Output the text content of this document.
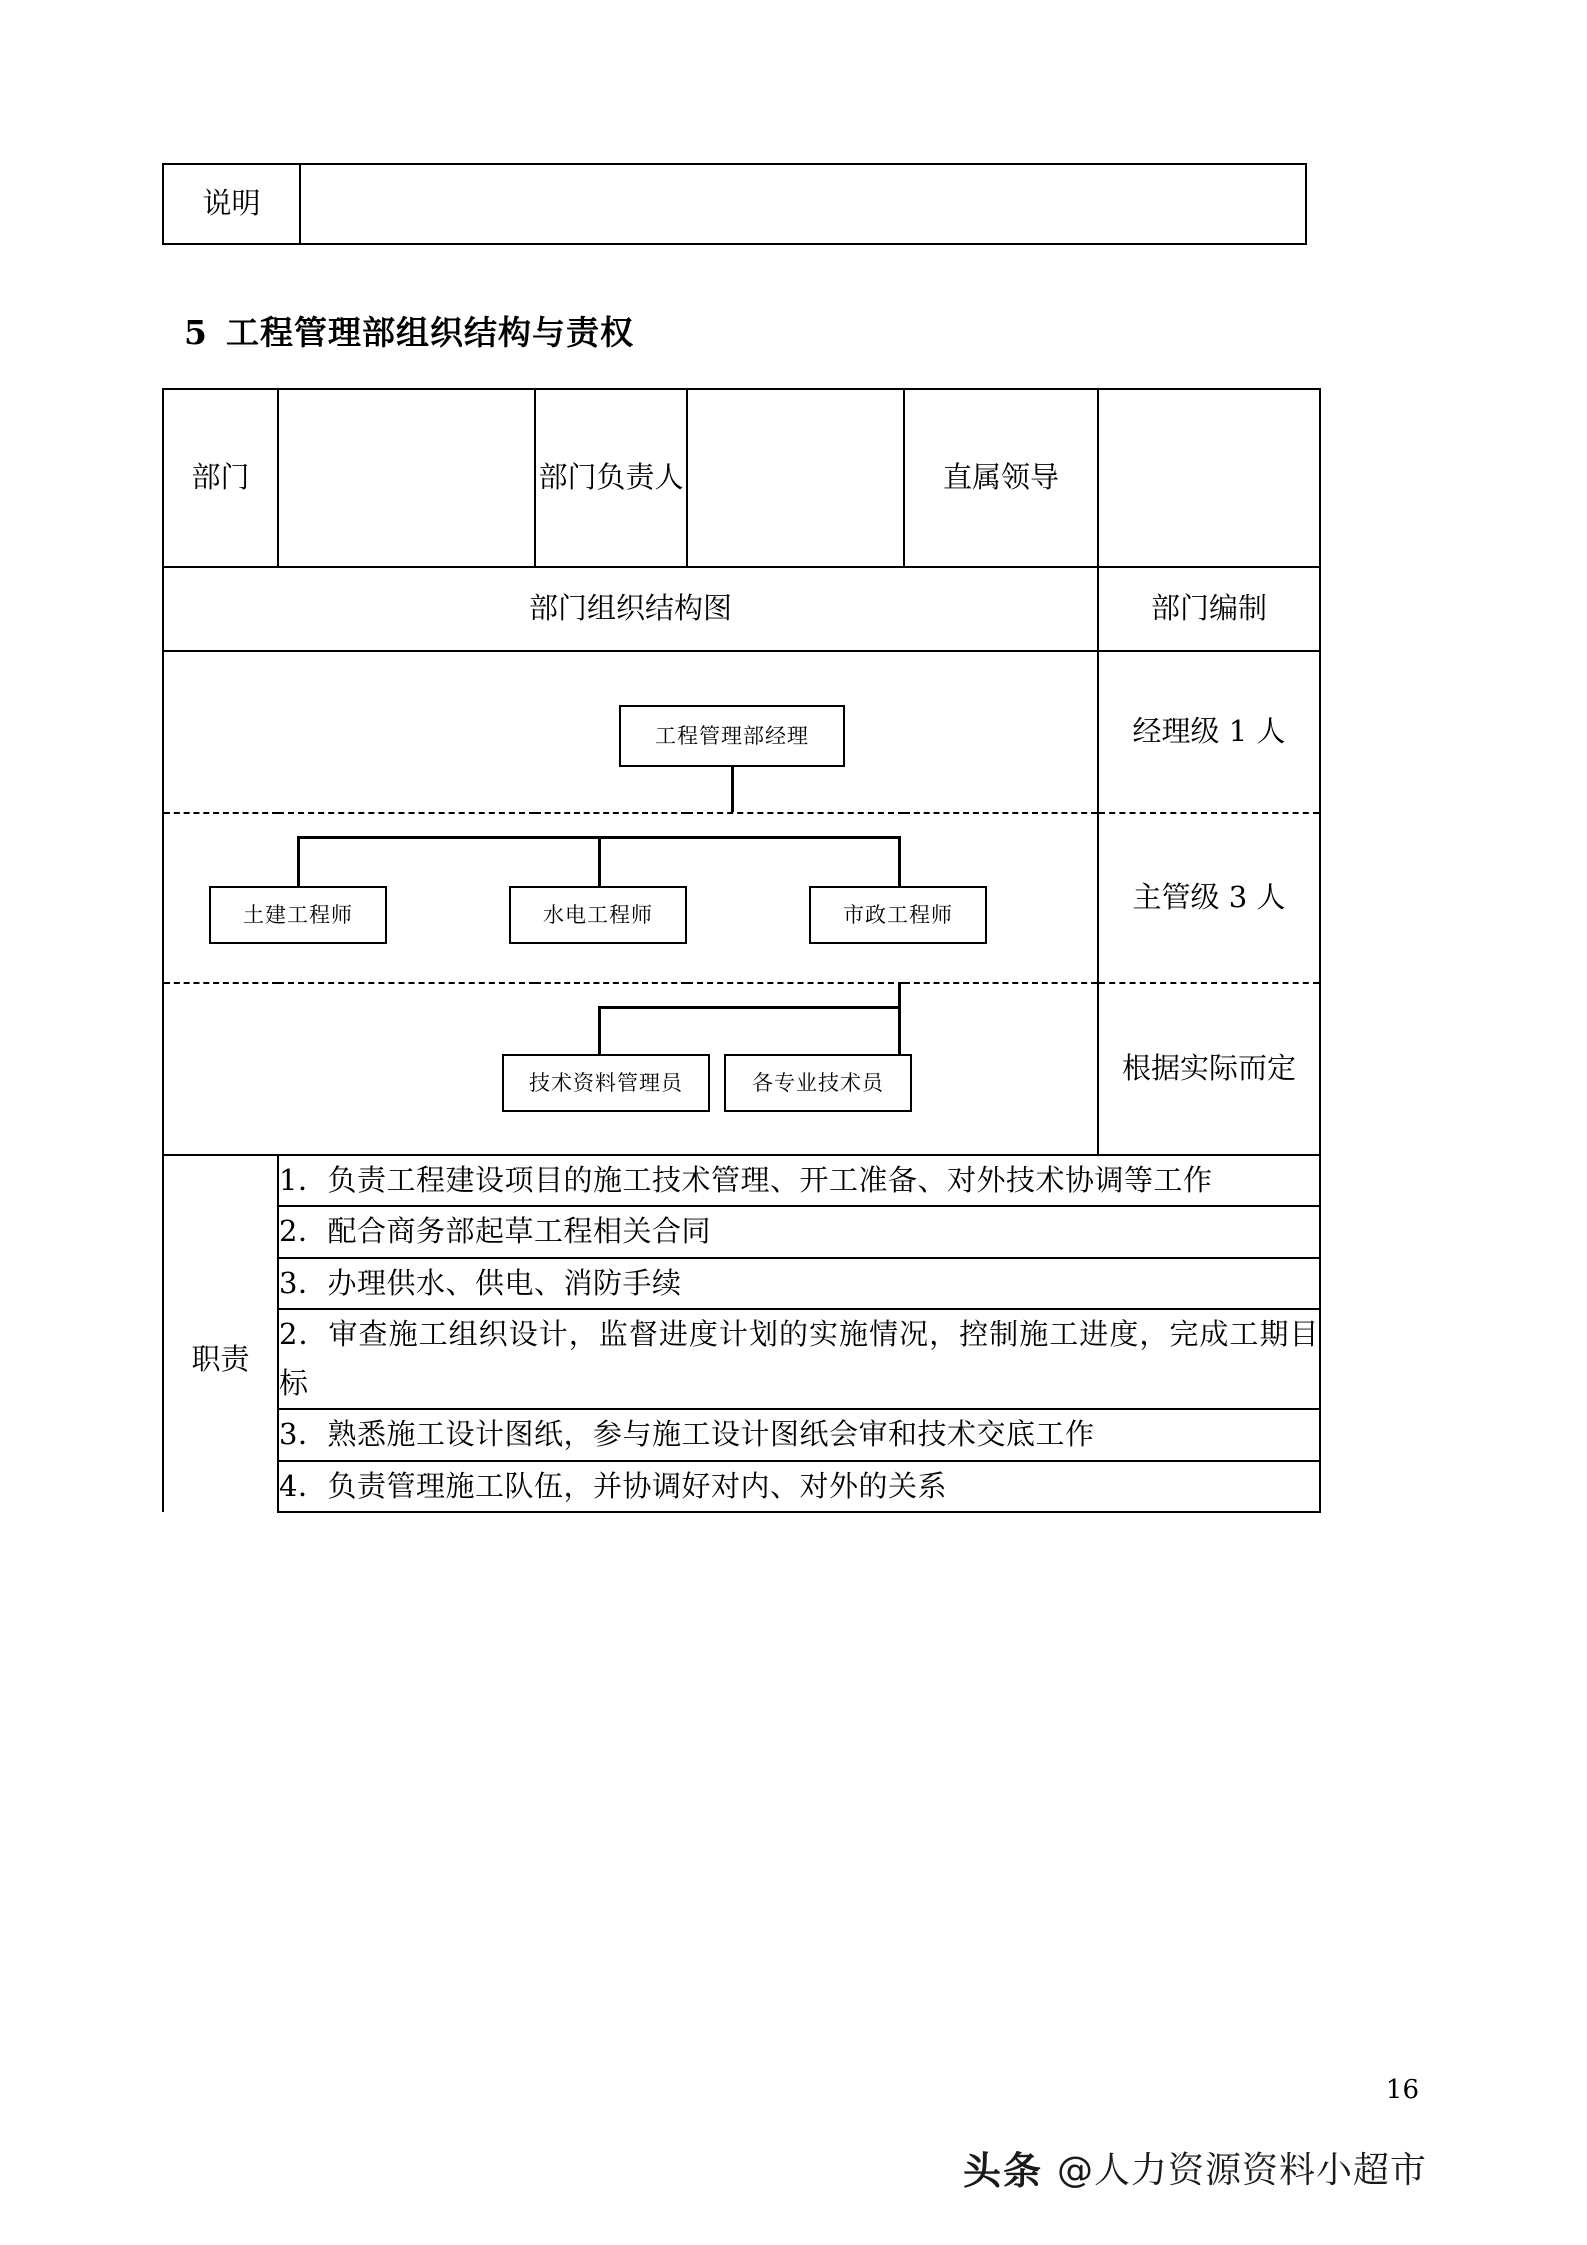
说明	
5 工程管理部组织结构与责权
部门		部门负责人		直属领导	
部门组织结构图					部门编制

工程管理部经理					经理级 1 人

土建工程师 水电工程师 市政工程师					主管级 3 人

技术资料管理员 各专业技术员					根据实际而定
	1．负责工程建设项目的施工技术管理、开工准备、对外技术协调等工作				
	2．配合商务部起草工程相关合同				
	3．办理供水、供电、消防手续				
职责	2．审查施工组织设计，监督进度计划的实施情况，控制施工进度，完成工期目标				
	3．熟悉施工设计图纸，参与施工设计图纸会审和技术交底工作				
	4．负责管理施工队伍，并协调好对内、对外的关系				
16
头条 @人力资源资料小超市
